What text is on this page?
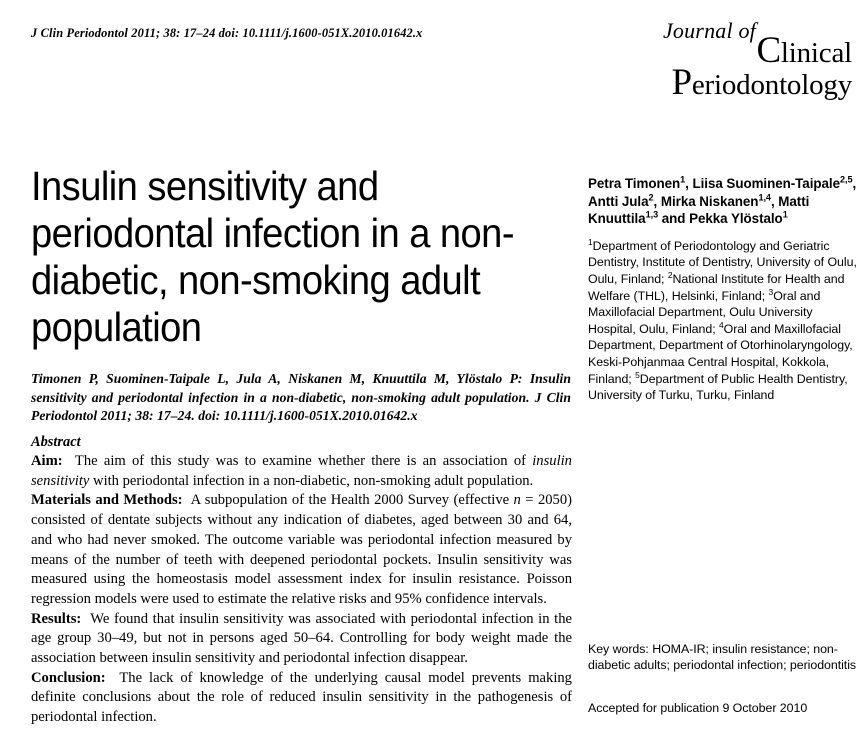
J Clin Periodontol 2011; 38: 17–24 doi: 10.1111/j.1600-051X.2010.01642.x	Journal of Clinical
Periodontology
Insulin sensitivity and periodontal infection in a non-diabetic, non-smoking adult population
Timonen P, Suominen-Taipale L, Jula A, Niskanen M, Knuuttila M, Ylöstalo P: Insulin sensitivity and periodontal infection in a non-diabetic, non-smoking adult population. J Clin Periodontol 2011; 38: 17–24. doi: 10.1111/j.1600-051X.2010.01642.x
Abstract

Aim: The aim of this study was to examine whether there is an association of insulin sensitivity with periodontal infection in a non-diabetic, non-smoking adult population.

Materials and Methods: A subpopulation of the Health 2000 Survey (effective n = 2050) consisted of dentate subjects without any indication of diabetes, aged between 30 and 64, and who had never smoked. The outcome variable was periodontal infection measured by means of the number of teeth with deepened periodontal pockets. Insulin sensitivity was measured using the homeostasis model assessment index for insulin resistance. Poisson regression models were used to estimate the relative risks and 95% confidence intervals.

Results: We found that insulin sensitivity was associated with periodontal infection in the age group 30–49, but not in persons aged 50–64. Controlling for body weight made the association between insulin sensitivity and periodontal infection disappear.

Conclusion: The lack of knowledge of the underlying causal model prevents making definite conclusions about the role of reduced insulin sensitivity in the pathogenesis of periodontal infection.

Petra Timonen$^1$, Liisa Suominen-Taipale$^{2,5}$, Antti Jula$^2$, Mirka Niskanen$^{1,4}$, Matti Knuuttila$^{1,3}$ and Pekka Ylöstalo$^1$
$^1$Department of Periodontology and Geriatric Dentistry, Institute of Dentistry, University of Oulu, Oulu, Finland; $^2$National Institute for Health and Welfare (THL), Helsinki, Finland; $^3$Oral and Maxillofacial Department, Oulu University Hospital, Oulu, Finland; $^4$Oral and Maxillofacial Department, Department of Otorhinolaryngology, Keski-Pohjanmaa Central Hospital, Kokkola, Finland; $^5$Department of Public Health Dentistry, University of Turku, Turku, Finland
Key words: HOMA-IR; insulin resistance; non-diabetic adults; periodontal infection; periodontitis
Accepted for publication 9 October 2010
